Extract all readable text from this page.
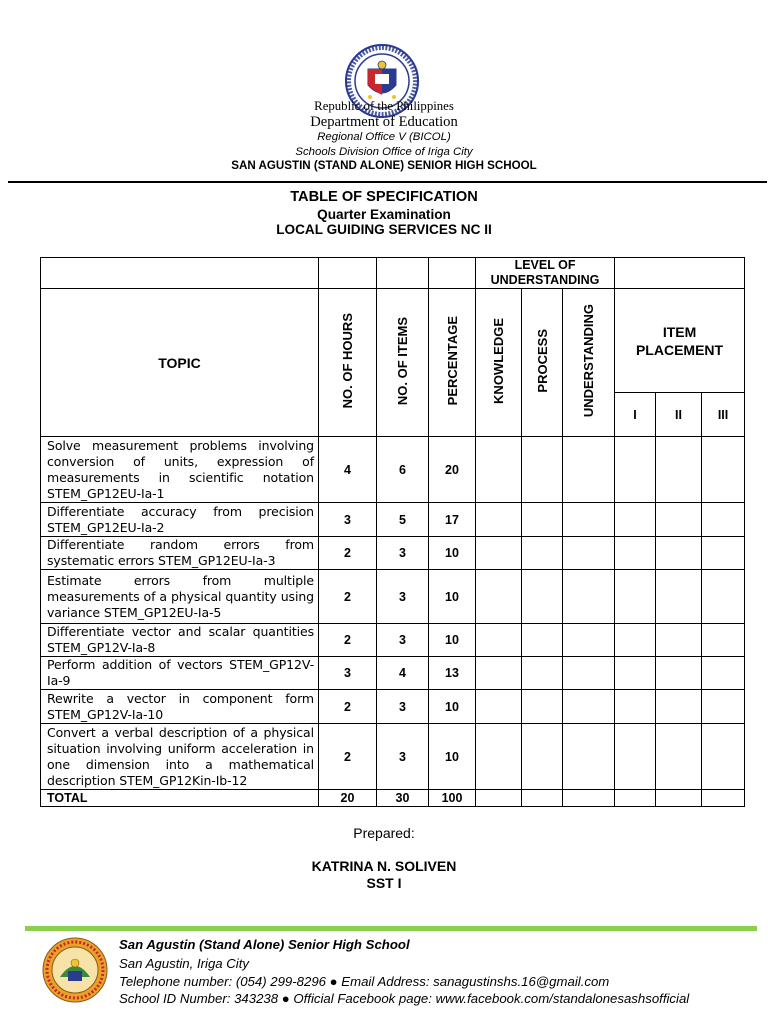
Republic of the Philippines
Department of Education
Regional Office V (BICOL)
Schools Division Office of Iriga City
SAN AGUSTIN (STAND ALONE) SENIOR HIGH SCHOOL
TABLE OF SPECIFICATION
Quarter Examination
LOCAL GUIDING SERVICES NC II
				LEVEL OF UNDERSTANDING					
TOPIC	NO. OF HOURS	NO. OF ITEMS	PERCENTAGE	KNOWLEDGE	PROCESS	UNDERSTANDING	ITEM PLACEMENT		
							I	II	III
Solve measurement problems involving conversion of units, expression of measurements in scientific notation STEM_GP12EU-Ia-1	4	6	20						
Differentiate accuracy from precision STEM_GP12EU-Ia-2	3	5	17						
Differentiate random errors from systematic errors STEM_GP12EU-Ia-3	2	3	10						
Estimate errors from multiple measurements of a physical quantity using variance STEM_GP12EU-Ia-5	2	3	10						
Differentiate vector and scalar quantities STEM_GP12V-Ia-8	2	3	10						
Perform addition of vectors STEM_GP12V-Ia-9	3	4	13						
Rewrite a vector in component form STEM_GP12V-Ia-10	2	3	10						
Convert a verbal description of a physical situation involving uniform acceleration in one dimension into a mathematical description STEM_GP12Kin-Ib-12	2	3	10						
TOTAL	20	30	100						
Prepared:
KATRINA N. SOLIVEN
SST I
San Agustin (Stand Alone) Senior High School
San Agustin, Iriga City
Telephone number: (054) 299-8296 ● Email Address: sanagustinshs.16@gmail.com
School ID Number: 343238 ● Official Facebook page: www.facebook.com/standalonesashsofficial
